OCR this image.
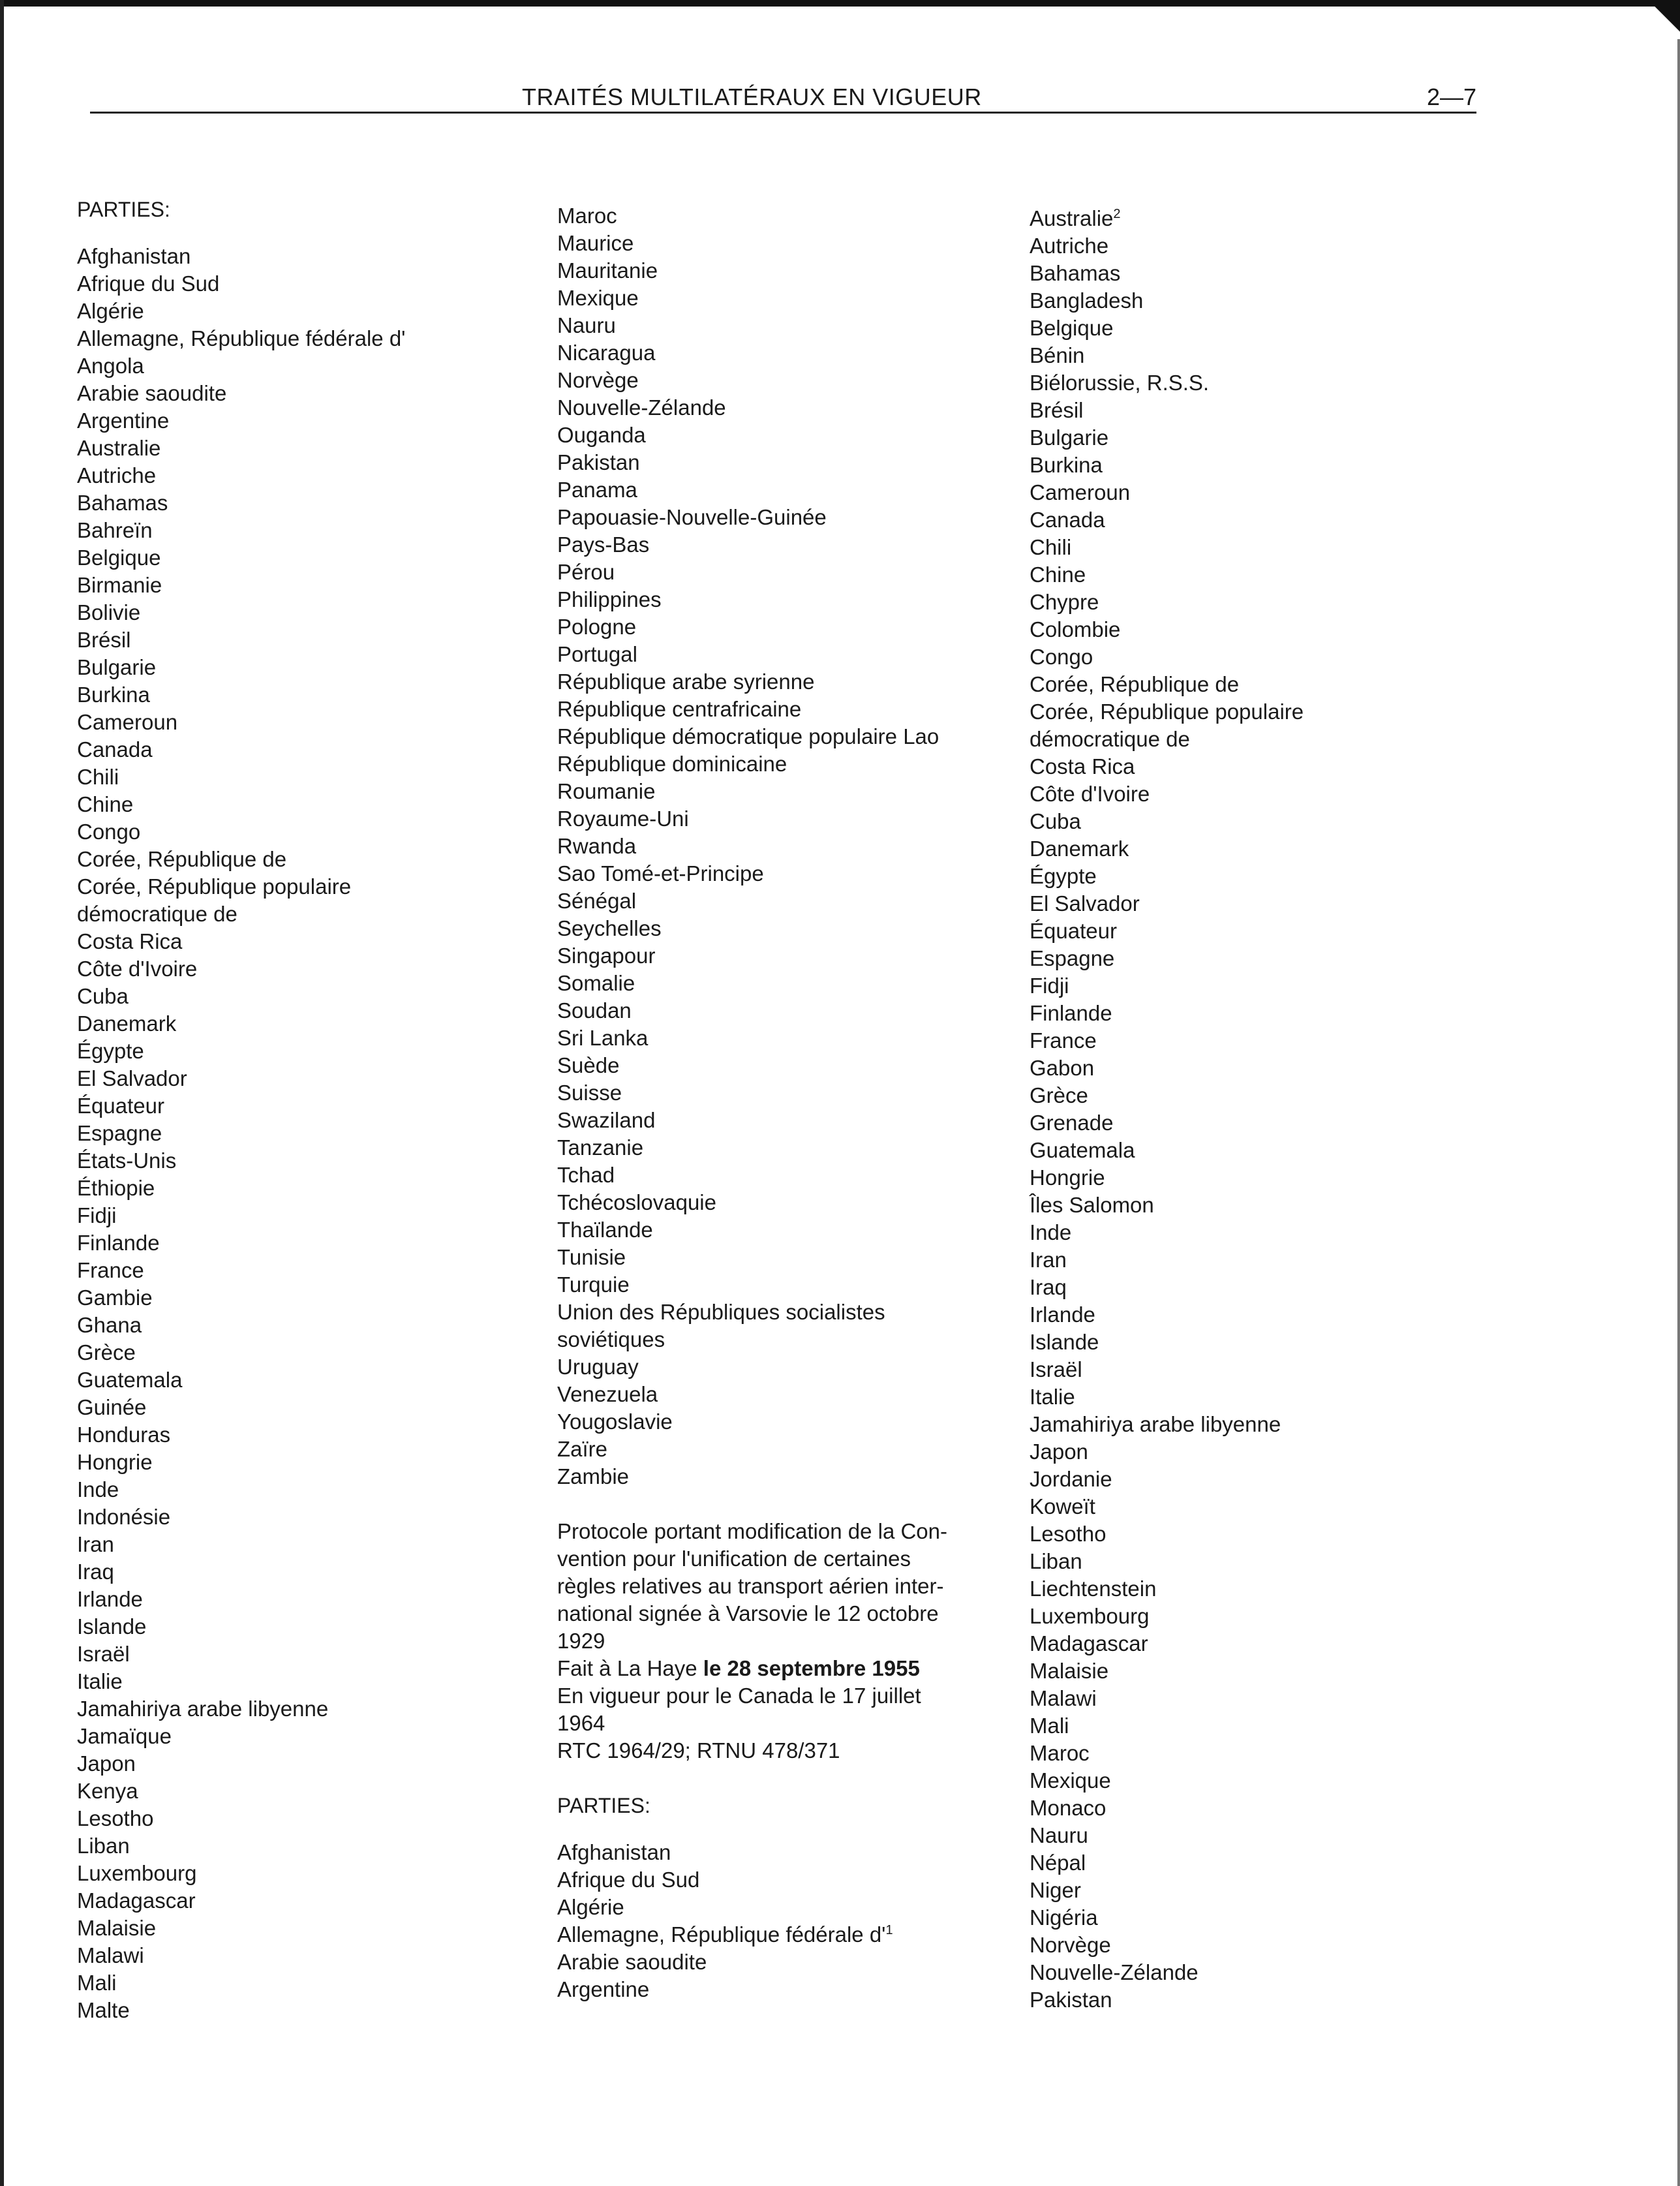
TRAITÉS MULTILATÉRAUX EN VIGUEUR	2—7
PARTIES:
Afghanistan
Afrique du Sud
Algérie
Allemagne, République fédérale d'
Angola
Arabie saoudite
Argentine
Australie
Autriche
Bahamas
Bahreïn
Belgique
Birmanie
Bolivie
Brésil
Bulgarie
Burkina
Cameroun
Canada
Chili
Chine
Congo
Corée, République de
Corée, République populaire
démocratique de
Costa Rica
Côte d'Ivoire
Cuba
Danemark
Égypte
El Salvador
Équateur
Espagne
États-Unis
Éthiopie
Fidji
Finlande
France
Gambie
Ghana
Grèce
Guatemala
Guinée
Honduras
Hongrie
Inde
Indonésie
Iran
Iraq
Irlande
Islande
Israël
Italie
Jamahiriya arabe libyenne
Jamaïque
Japon
Kenya
Lesotho
Liban
Luxembourg
Madagascar
Malaisie
Malawi
Mali
Malte
Maroc
Maurice
Mauritanie
Mexique
Nauru
Nicaragua
Norvège
Nouvelle-Zélande
Ouganda
Pakistan
Panama
Papouasie-Nouvelle-Guinée
Pays-Bas
Pérou
Philippines
Pologne
Portugal
République arabe syrienne
République centrafricaine
République démocratique populaire Lao
République dominicaine
Roumanie
Royaume-Uni
Rwanda
Sao Tomé-et-Principe
Sénégal
Seychelles
Singapour
Somalie
Soudan
Sri Lanka
Suède
Suisse
Swaziland
Tanzanie
Tchad
Tchécoslovaquie
Thaïlande
Tunisie
Turquie
Union des Républiques socialistes
soviétiques
Uruguay
Venezuela
Yougoslavie
Zaïre
Zambie
Protocole portant modification de la Con-
vention pour l'unification de certaines
règles relatives au transport aérien inter-
national signée à Varsovie le 12 octobre
1929
Fait à La Haye le 28 septembre 1955
En vigueur pour le Canada le 17 juillet
1964
RTC 1964/29; RTNU 478/371
PARTIES:
Afghanistan
Afrique du Sud
Algérie
Allemagne, République fédérale $d'^1$
Arabie saoudite
Argentine
Australie$^2$
Autriche
Bahamas
Bangladesh
Belgique
Bénin
Biélorussie, R.S.S.
Brésil
Bulgarie
Burkina
Cameroun
Canada
Chili
Chine
Chypre
Colombie
Congo
Corée, République de
Corée, République populaire
démocratique de
Costa Rica
Côte d'Ivoire
Cuba
Danemark
Égypte
El Salvador
Équateur
Espagne
Fidji
Finlande
France
Gabon
Grèce
Grenade
Guatemala
Hongrie
Îles Salomon
Inde
Iran
Iraq
Irlande
Islande
Israël
Italie
Jamahiriya arabe libyenne
Japon
Jordanie
Koweït
Lesotho
Liban
Liechtenstein
Luxembourg
Madagascar
Malaisie
Malawi
Mali
Maroc
Mexique
Monaco
Nauru
Népal
Niger
Nigéria
Norvège
Nouvelle-Zélande
Pakistan
